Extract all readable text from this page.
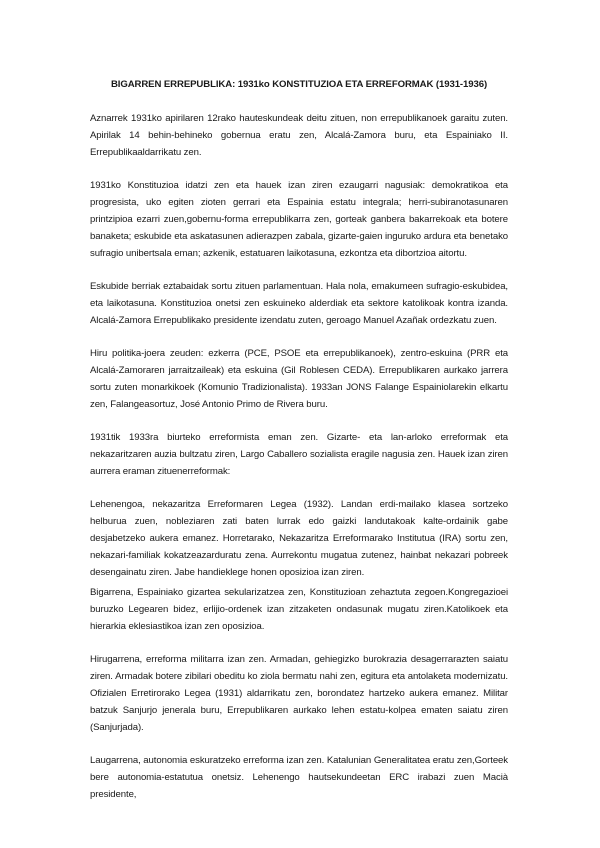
BIGARREN ERREPUBLIKA: 1931ko KONSTITUZIOA ETA ERREFORMAK (1931-1936)

Aznarrek 1931ko apirilaren 12rako hauteskundeak deitu zituen, non errepublikanoek garaitu zuten. Apirilak 14 behin-behineko gobernua eratu zen, Alcalá-Zamora buru, eta Espainiako II. Errepublikaaldarrikatu zen.

1931ko Konstituzioa idatzi zen eta hauek izan ziren ezaugarri nagusiak: demokratikoa eta progresista, uko egiten zioten gerrari eta Espainia estatu integrala; herri-subiranotasunaren printzipioa ezarri zuen,gobernu-forma errepublikarra zen, gorteak ganbera bakarrekoak eta botere banaketa; eskubide eta askatasunen adierazpen zabala, gizarte-gaien inguruko ardura eta benetako sufragio unibertsala eman; azkenik, estatuaren laikotasuna, ezkontza eta dibortzioa aitortu.

Eskubide berriak eztabaidak sortu zituen parlamentuan. Hala nola, emakumeen sufragio-eskubidea, eta laikotasuna. Konstituzioa onetsi zen eskuineko alderdiak eta sektore katolikoak kontra izanda. Alcalá-Zamora Errepublikako presidente izendatu zuten, geroago Manuel Azañak ordezkatu zuen.

Hiru politika-joera zeuden: ezkerra (PCE, PSOE eta errepublikanoek), zentro-eskuina (PRR eta Alcalá-Zamoraren jarraitzaileak) eta eskuina (Gil Roblesen CEDA). Errepublikaren aurkako jarrera sortu zuten monarkikoek (Komunio Tradizionalista). 1933an JONS Falange Espainiolarekin elkartu zen, Falangeasortuz, José Antonio Primo de Rivera buru.

1931tik 1933ra biurteko erreformista eman zen. Gizarte- eta lan-arloko erreformak eta nekazaritzaren auzia bultzatu ziren, Largo Caballero sozialista eragile nagusia zen. Hauek izan ziren aurrera eraman zituenerreformak:

Lehenengoa, nekazaritza Erreformaren Legea (1932). Landan erdi-mailako klasea sortzeko helburua zuen, nobleziaren zati baten lurrak edo gaizki landutakoak kalte-ordainik gabe desjabetzeko aukera emanez. Horretarako, Nekazaritza Erreformarako Institutua (IRA) sortu zen, nekazari-familiak kokatzeazarduratu zena. Aurrekontu mugatua zutenez, hainbat nekazari pobreek desengainatu ziren. Jabe handieklege honen oposizioa izan ziren.

Bigarrena, Espainiako gizartea sekularizatzea zen, Konstituzioan zehaztuta zegoen.Kongregazioei buruzko Legearen bidez, erlijio-ordenek izan zitzaketen ondasunak mugatu ziren.Katolikoek eta hierarkia eklesiastikoa izan zen oposizioa.

Hirugarrena, erreforma militarra izan zen. Armadan, gehiegizko burokrazia desagerrarazten saiatu ziren. Armadak botere zibilari obeditu ko ziola bermatu nahi zen, egitura eta antolaketa modernizatu. Ofizialen Erretirorako Legea (1931) aldarrikatu zen, borondatez hartzeko aukera emanez. Militar batzuk Sanjurjo jenerala buru, Errepublikaren aurkako lehen estatu-kolpea ematen saiatu ziren (Sanjurjada).

Laugarrena, autonomia eskuratzeko erreforma izan zen. Katalunian Generalitatea eratu zen,Gorteek bere autonomia-estatutua onetsiz. Lehenengo hautsekundeetan ERC irabazi zuen Macià presidente,
